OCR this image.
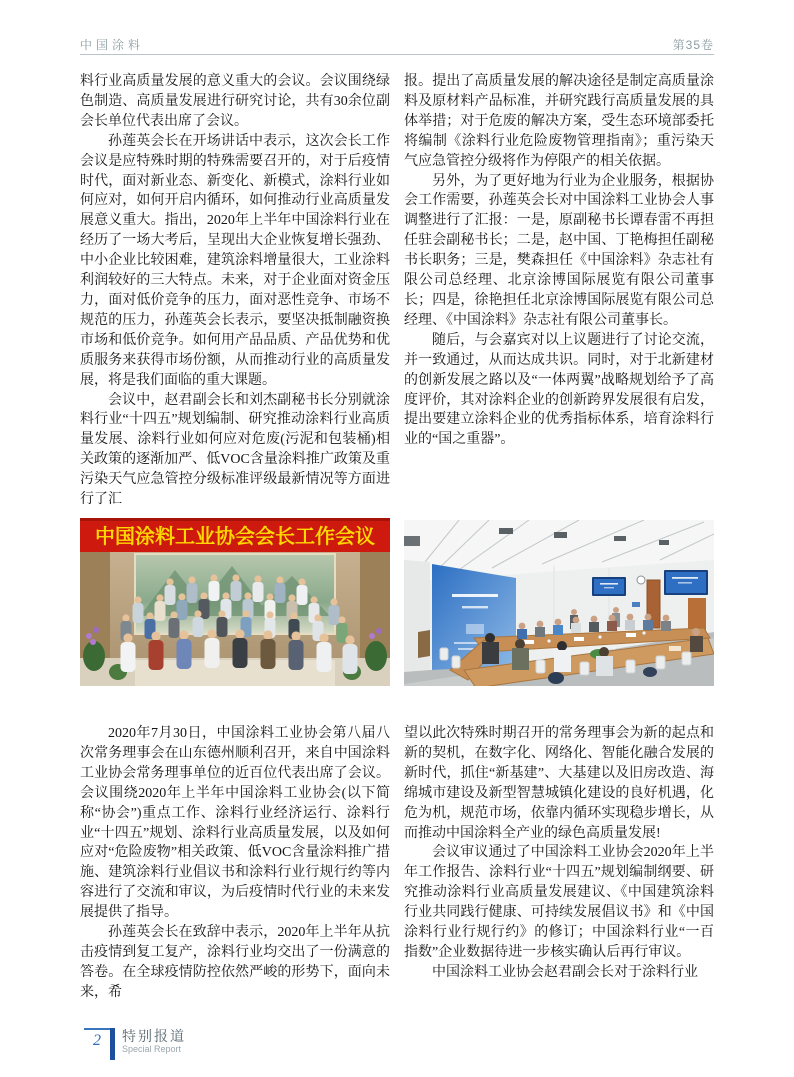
中国涂料	第35卷

料行业高质量发展的意义重大的会议。会议围绕绿色制造、高质量发展进行研究讨论，共有30余位副会长单位代表出席了会议。

孙莲英会长在开场讲话中表示，这次会长工作会议是应特殊时期的特殊需要召开的，对于后疫情时代，面对新业态、新变化、新模式，涂料行业如何应对，如何开启内循环，如何推动行业高质量发展意义重大。指出，2020年上半年中国涂料行业在经历了一场大考后，呈现出大企业恢复增长强劲、中小企业比较困难，建筑涂料增量很大，工业涂料利润较好的三大特点。未来，对于企业面对资金压力，面对低价竞争的压力，面对恶性竞争、市场不规范的压力，孙莲英会长表示，要坚决抵制融资换市场和低价竞争。如何用产品品质、产品优势和优质服务来获得市场份额，从而推动行业的高质量发展，将是我们面临的重大课题。

会议中，赵君副会长和刘杰副秘书长分别就涂料行业“十四五”规划编制、研究推动涂料行业高质量发展、涂料行业如何应对危废(污泥和包装桶)相关政策的逐渐加严、低VOC含量涂料推广政策及重污染天气应急管控分级标准评级最新情况等方面进行了汇

报。提出了高质量发展的解决途径是制定高质量涂料及原材料产品标准，并研究践行高质量发展的具体举措；对于危废的解决方案，受生态环境部委托将编制《涂料行业危险废物管理指南》；重污染天气应急管控分级将作为停限产的相关依据。

另外，为了更好地为行业为企业服务，根据协会工作需要，孙莲英会长对中国涂料工业协会人事调整进行了汇报：一是，原副秘书长谭春雷不再担任驻会副秘书长；二是，赵中国、丁艳梅担任副秘书长职务；三是，樊森担任《中国涂料》杂志社有限公司总经理、北京涂博国际展览有限公司董事长；四是，徐艳担任北京涂博国际展览有限公司总经理、《中国涂料》杂志社有限公司董事长。

随后，与会嘉宾对以上议题进行了讨论交流，并一致通过，从而达成共识。同时，对于北新建材的创新发展之路以及“一体两翼”战略规划给予了高度评价，其对涂料企业的创新跨界发展很有启发，提出要建立涂料企业的优秀指标体系，培育涂料行业的“国之重器”。

中国涂料工业协会会长工作会议

2020年7月30日，中国涂料工业协会第八届八次常务理事会在山东德州顺利召开，来自中国涂料工业协会常务理事单位的近百位代表出席了会议。会议围绕2020年上半年中国涂料工业协会(以下简称“协会”)重点工作、涂料行业经济运行、涂料行业“十四五”规划、涂料行业高质量发展，以及如何应对“危险废物”相关政策、低VOC含量涂料推广措施、建筑涂料行业倡议书和涂料行业行规行约等内容进行了交流和审议，为后疫情时代行业的未来发展提供了指导。

孙莲英会长在致辞中表示，2020年上半年从抗击疫情到复工复产，涂料行业均交出了一份满意的答卷。在全球疫情防控依然严峻的形势下，面向未来，希

望以此次特殊时期召开的常务理事会为新的起点和新的契机，在数字化、网络化、智能化融合发展的新时代，抓住“新基建”、大基建以及旧房改造、海绵城市建设及新型智慧城镇化建设的良好机遇，化危为机，规范市场，依靠内循环实现稳步增长，从而推动中国涂料全产业的绿色高质量发展!

会议审议通过了中国涂料工业协会2020年上半年工作报告、涂料行业“十四五”规划编制纲要、研究推动涂料行业高质量发展建议、《中国建筑涂料行业共同践行健康、可持续发展倡议书》和《中国涂料行业行规行约》的修订；中国涂料行业“一百指数”企业数据待进一步核实确认后再行审议。

中国涂料工业协会赵君副会长对于涂料行业

2 特别报道
Special Report
